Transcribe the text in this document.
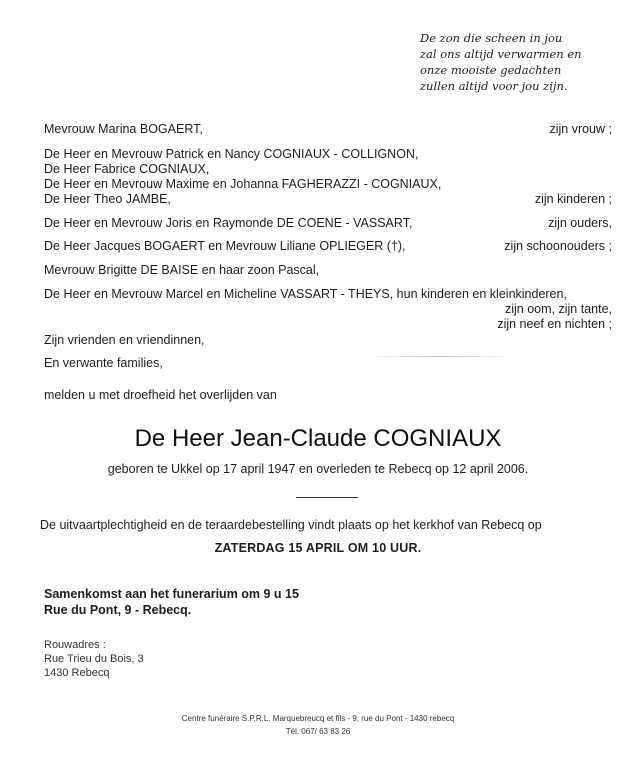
De zon die scheen in jou
zal ons altijd verwarmen en
onze mooiste gedachten
zullen altijd voor jou zijn.
Mevrouw Marina BOGAERT,	zijn vrouw ;
De Heer en Mevrouw Patrick en Nancy COGNIAUX - COLLIGNON,
De Heer Fabrice COGNIAUX,
De Heer en Mevrouw Maxime en Johanna FAGHERAZZI - COGNIAUX,
De Heer Theo JAMBE,	zijn kinderen ;
De Heer en Mevrouw Joris en Raymonde DE COENE - VASSART,	zijn ouders,
De Heer Jacques BOGAERT en Mevrouw Liliane OPLIEGER (†),	zijn schoonouders ;
Mevrouw Brigitte DE BAISE en haar zoon Pascal,
De Heer en Mevrouw Marcel en Micheline VASSART - THEYS, hun kinderen en kleinkinderen,
zijn oom, zijn tante,
zijn neef en nichten ;
Zijn vrienden en vriendinnen,
En verwante families,
melden u met droefheid het overlijden van
De Heer Jean-Claude COGNIAUX
geboren te Ukkel op 17 april 1947 en overleden te Rebecq op 12 april 2006.
De uitvaartplechtigheid en de teraardebestelling vindt plaats op het kerkhof van Rebecq op
ZATERDAG 15 APRIL OM 10 UUR.
Samenkomst aan het funerarium om 9 u 15
Rue du Pont, 9 - Rebecq.
Rouwadres :
Rue Trieu du Bois, 3
1430 Rebecq
Centre funéraire S.P.R.L. Marquebreucq et fils - 9, rue du Pont - 1430 rebecq
Tél. 067/ 63 83 26
